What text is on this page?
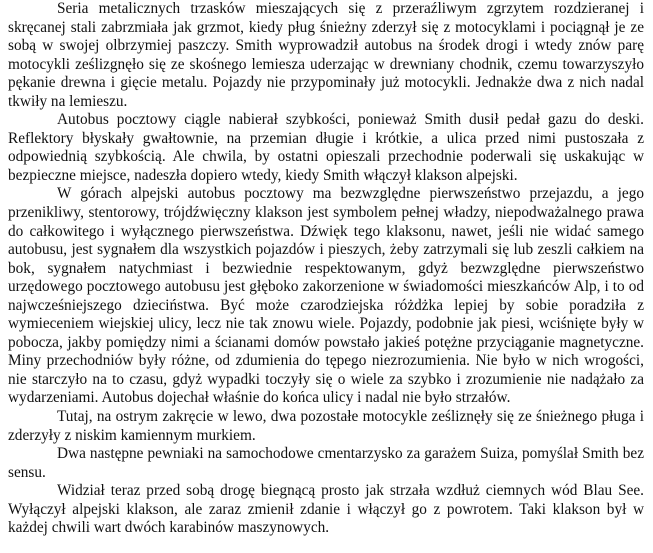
Seria metalicznych trzasków mieszających się z przeraźliwym zgrzytem rozdzieranej i skręcanej stali zabrzmiała jak grzmot, kiedy pług śnieżny zderzył się z motocyklami i pociągnął je ze sobą w swojej olbrzymiej paszczy. Smith wyprowadził autobus na środek drogi i wtedy znów parę motocykli ześlizgnęło się ze skośnego lemiesza uderzając w drewniany chodnik, czemu towarzyszyło pękanie drewna i gięcie metalu. Pojazdy nie przypominały już motocykli. Jednakże dwa z nich nadal tkwiły na lemieszu.

Autobus pocztowy ciągle nabierał szybkości, ponieważ Smith dusił pedał gazu do deski. Reflektory błyskały gwałtownie, na przemian długie i krótkie, a ulica przed nimi pustoszała z odpowiednią szybkością. Ale chwila, by ostatni opieszali przechodnie poderwali się uskakując w bezpieczne miejsce, nadeszła dopiero wtedy, kiedy Smith włączył klakson alpejski.

W górach alpejski autobus pocztowy ma bezwzględne pierwszeństwo przejazdu, a jego przenikliwy, stentorowy, trójdźwięczny klakson jest symbolem pełnej władzy, niepodważalnego prawa do całkowitego i wyłącznego pierwszeństwa. Dźwięk tego klaksonu, nawet, jeśli nie widać samego autobusu, jest sygnałem dla wszystkich pojazdów i pieszych, żeby zatrzymali się lub zeszli całkiem na bok, sygnałem natychmiast i bezwiednie respektowanym, gdyż bezwzględne pierwszeństwo urzędowego pocztowego autobusu jest głęboko zakorzenione w świadomości mieszkańców Alp, i to od najwcześniejszego dzieciństwa. Być może czarodziejska różdżka lepiej by sobie poradziła z wymieceniem wiejskiej ulicy, lecz nie tak znowu wiele. Pojazdy, podobnie jak piesi, wciśnięte były w pobocza, jakby pomiędzy nimi a ścianami domów powstało jakieś potężne przyciąganie magnetyczne. Miny przechodniów były różne, od zdumienia do tępego niezrozumienia. Nie było w nich wrogości, nie starczyło na to czasu, gdyż wypadki toczyły się o wiele za szybko i zrozumienie nie nadążało za wydarzeniami. Autobus dojechał właśnie do końca ulicy i nadal nie było strzałów.

Tutaj, na ostrym zakręcie w lewo, dwa pozostałe motocykle ześliznęły się ze śnieżnego pługa i zderzyły z niskim kamiennym murkiem.

Dwa następne pewniaki na samochodowe cmentarzysko za garażem Suiza, pomyślał Smith bez sensu.

Widział teraz przed sobą drogę biegnącą prosto jak strzała wzdłuż ciemnych wód Blau See. Wyłączył alpejski klakson, ale zaraz zmienił zdanie i włączył go z powrotem. Taki klakson był w każdej chwili wart dwóch karabinów maszynowych.
